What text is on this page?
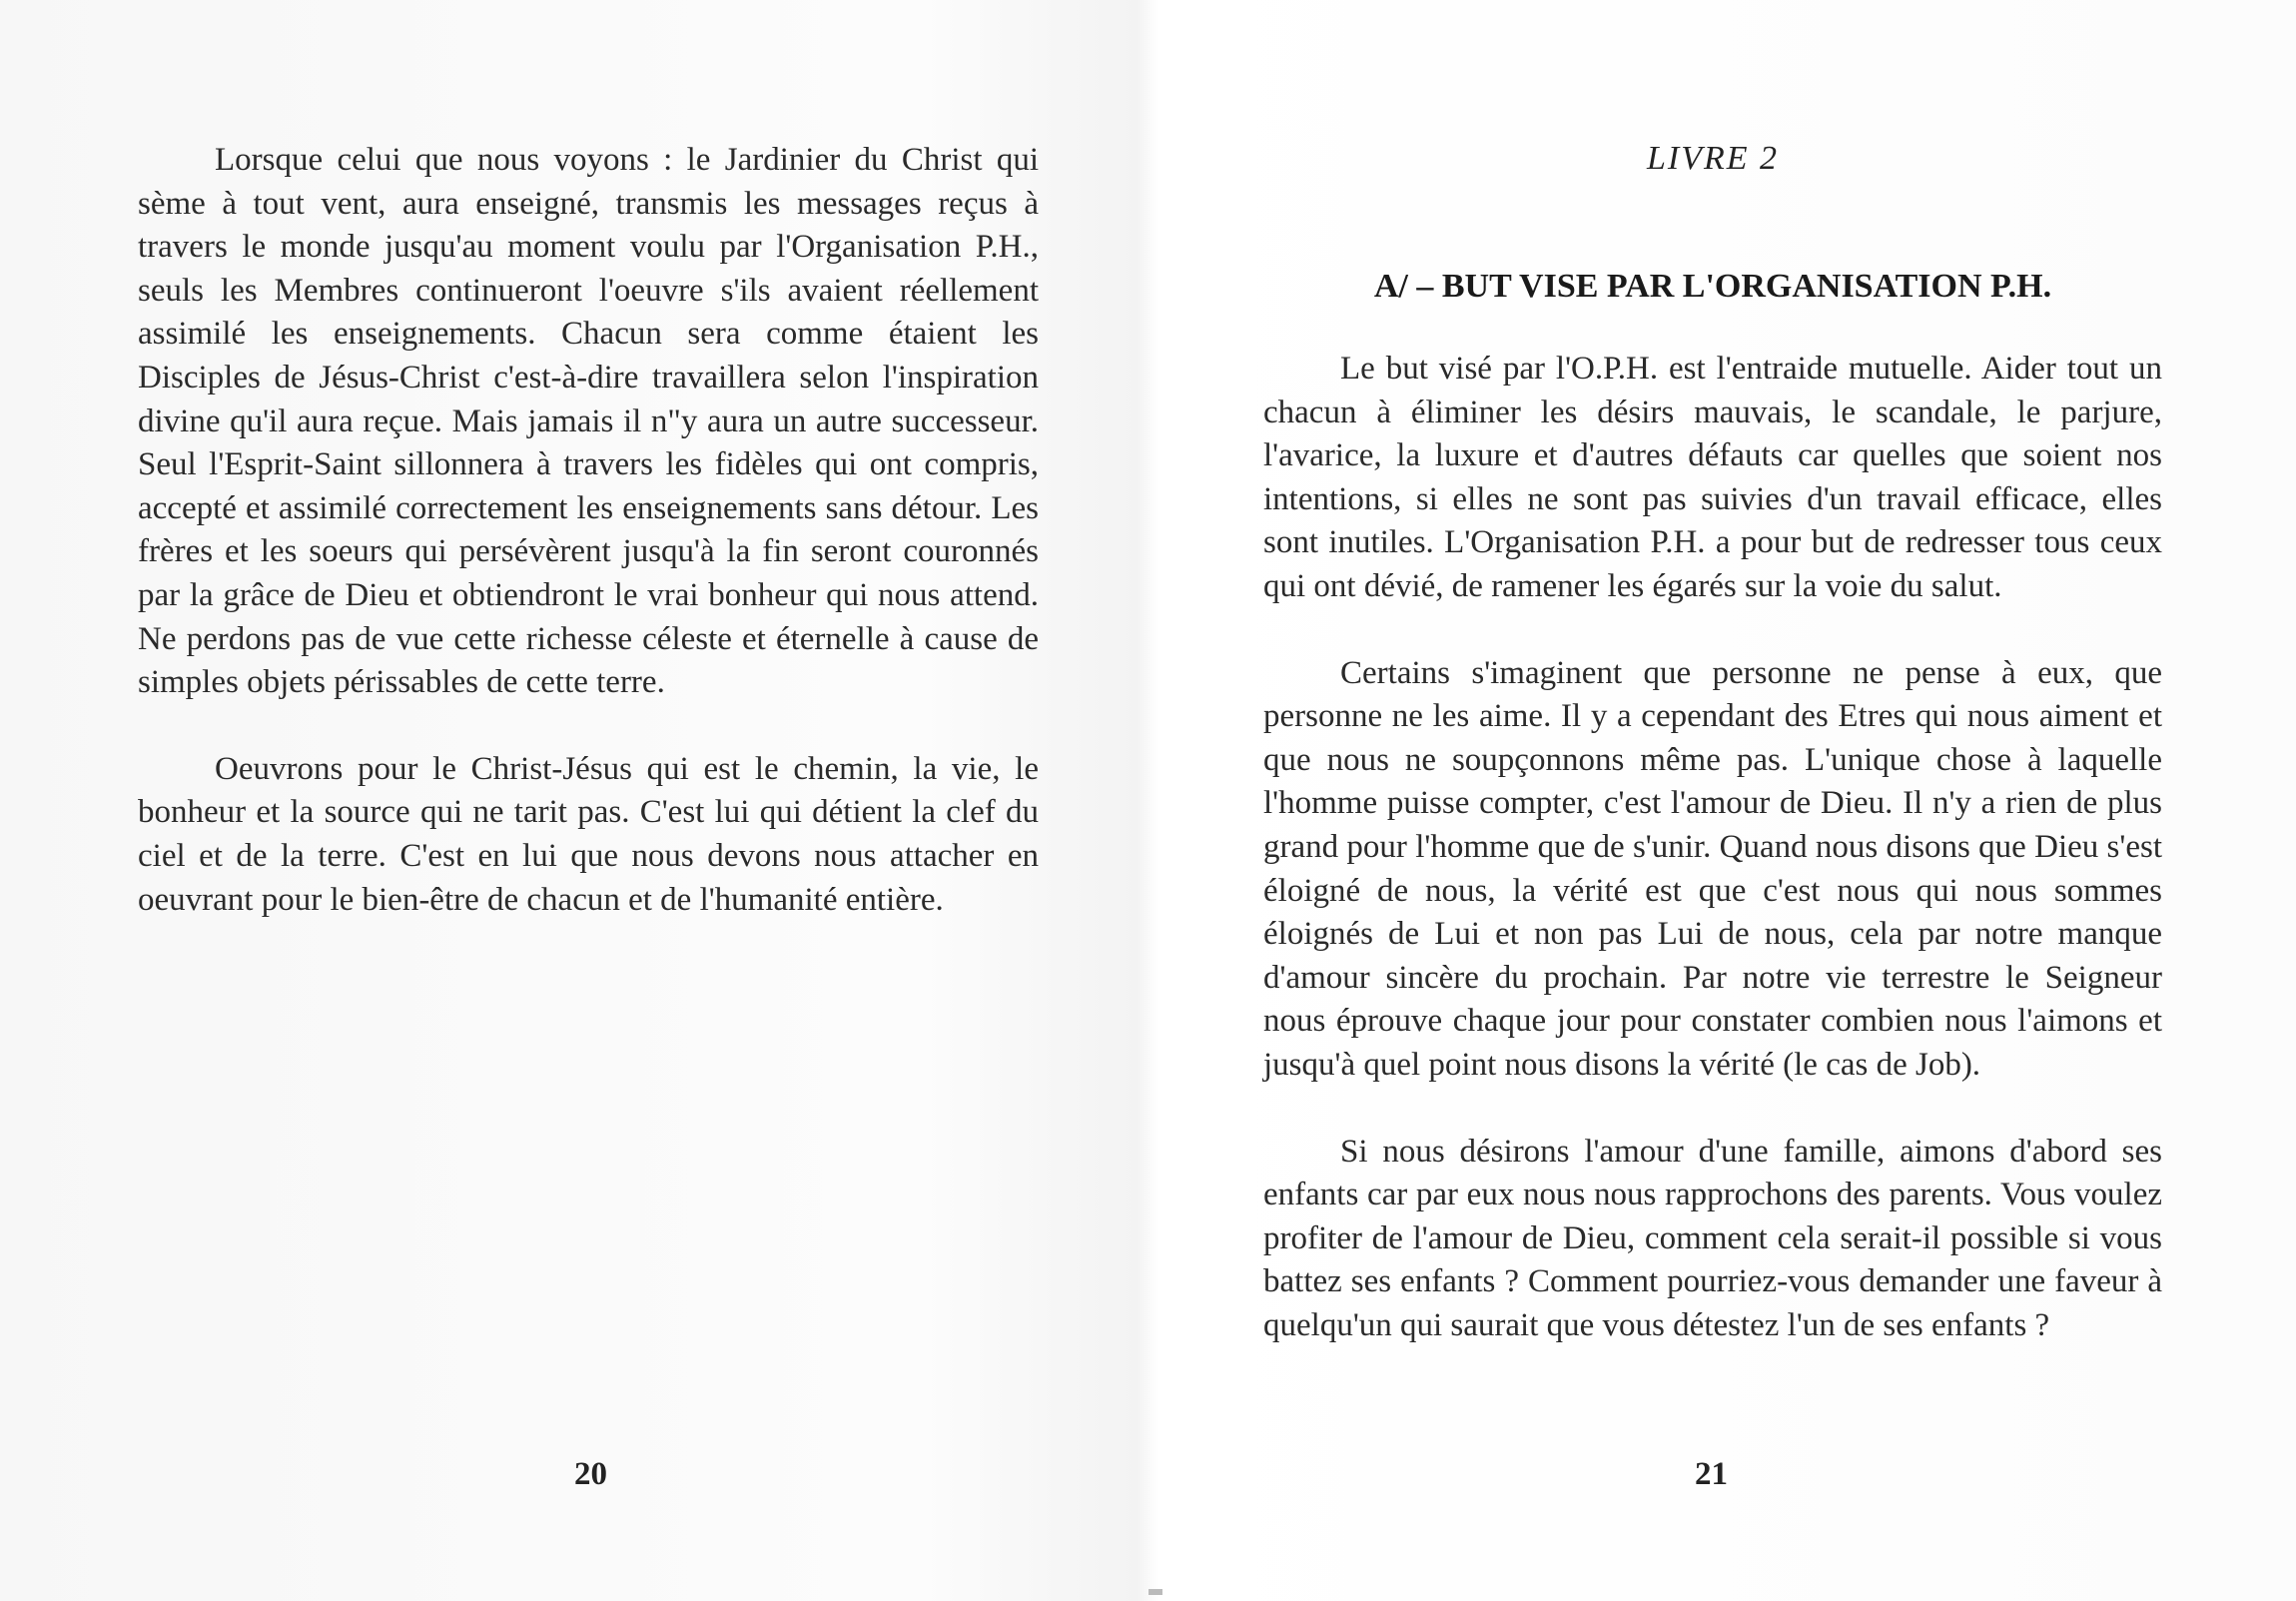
Lorsque celui que nous voyons : le Jardinier du Christ qui sème à tout vent, aura enseigné, transmis les messages reçus à travers le monde jusqu'au moment voulu par l'Organisation P.H., seuls les Membres continueront l'oeuvre s'ils avaient réellement assimilé les enseignements. Chacun sera comme étaient les Disciples de Jésus-Christ c'est-à-dire travaillera selon l'inspiration divine qu'il aura reçue. Mais jamais il n"y aura un autre successeur. Seul l'Esprit-Saint sillonnera à travers les fidèles qui ont compris, accepté et assimilé correctement les enseignements sans détour. Les frères et les soeurs qui persévèrent jusqu'à la fin seront couronnés par la grâce de Dieu et obtiendront le vrai bonheur qui nous attend. Ne perdons pas de vue cette richesse céleste et éternelle à cause de simples objets périssables de cette terre.

Oeuvrons pour le Christ-Jésus qui est le chemin, la vie, le bonheur et la source qui ne tarit pas. C'est lui qui détient la clef du ciel et de la terre. C'est en lui que nous devons nous attacher en oeuvrant pour le bien-être de chacun et de l'humanité entière.

20
LIVRE 2
A/ – BUT VISE PAR L'ORGANISATION P.H.

Le but visé par l'O.P.H. est l'entraide mutuelle. Aider tout un chacun à éliminer les désirs mauvais, le scandale, le parjure, l'avarice, la luxure et d'autres défauts car quelles que soient nos intentions, si elles ne sont pas suivies d'un travail efficace, elles sont inutiles. L'Organisation P.H. a pour but de redresser tous ceux qui ont dévié, de ramener les égarés sur la voie du salut.

Certains s'imaginent que personne ne pense à eux, que personne ne les aime. Il y a cependant des Etres qui nous aiment et que nous ne soupçonnons même pas. L'unique chose à laquelle l'homme puisse compter, c'est l'amour de Dieu. Il n'y a rien de plus grand pour l'homme que de s'unir. Quand nous disons que Dieu s'est éloigné de nous, la vérité est que c'est nous qui nous sommes éloignés de Lui et non pas Lui de nous, cela par notre manque d'amour sincère du prochain. Par notre vie terrestre le Seigneur nous éprouve chaque jour pour constater combien nous l'aimons et jusqu'à quel point nous disons la vérité (le cas de Job).

Si nous désirons l'amour d'une famille, aimons d'abord ses enfants car par eux nous nous rapprochons des parents. Vous voulez profiter de l'amour de Dieu, comment cela serait-il possible si vous battez ses enfants ? Comment pourriez-vous demander une faveur à quelqu'un qui saurait que vous détestez l'un de ses enfants ?

21
